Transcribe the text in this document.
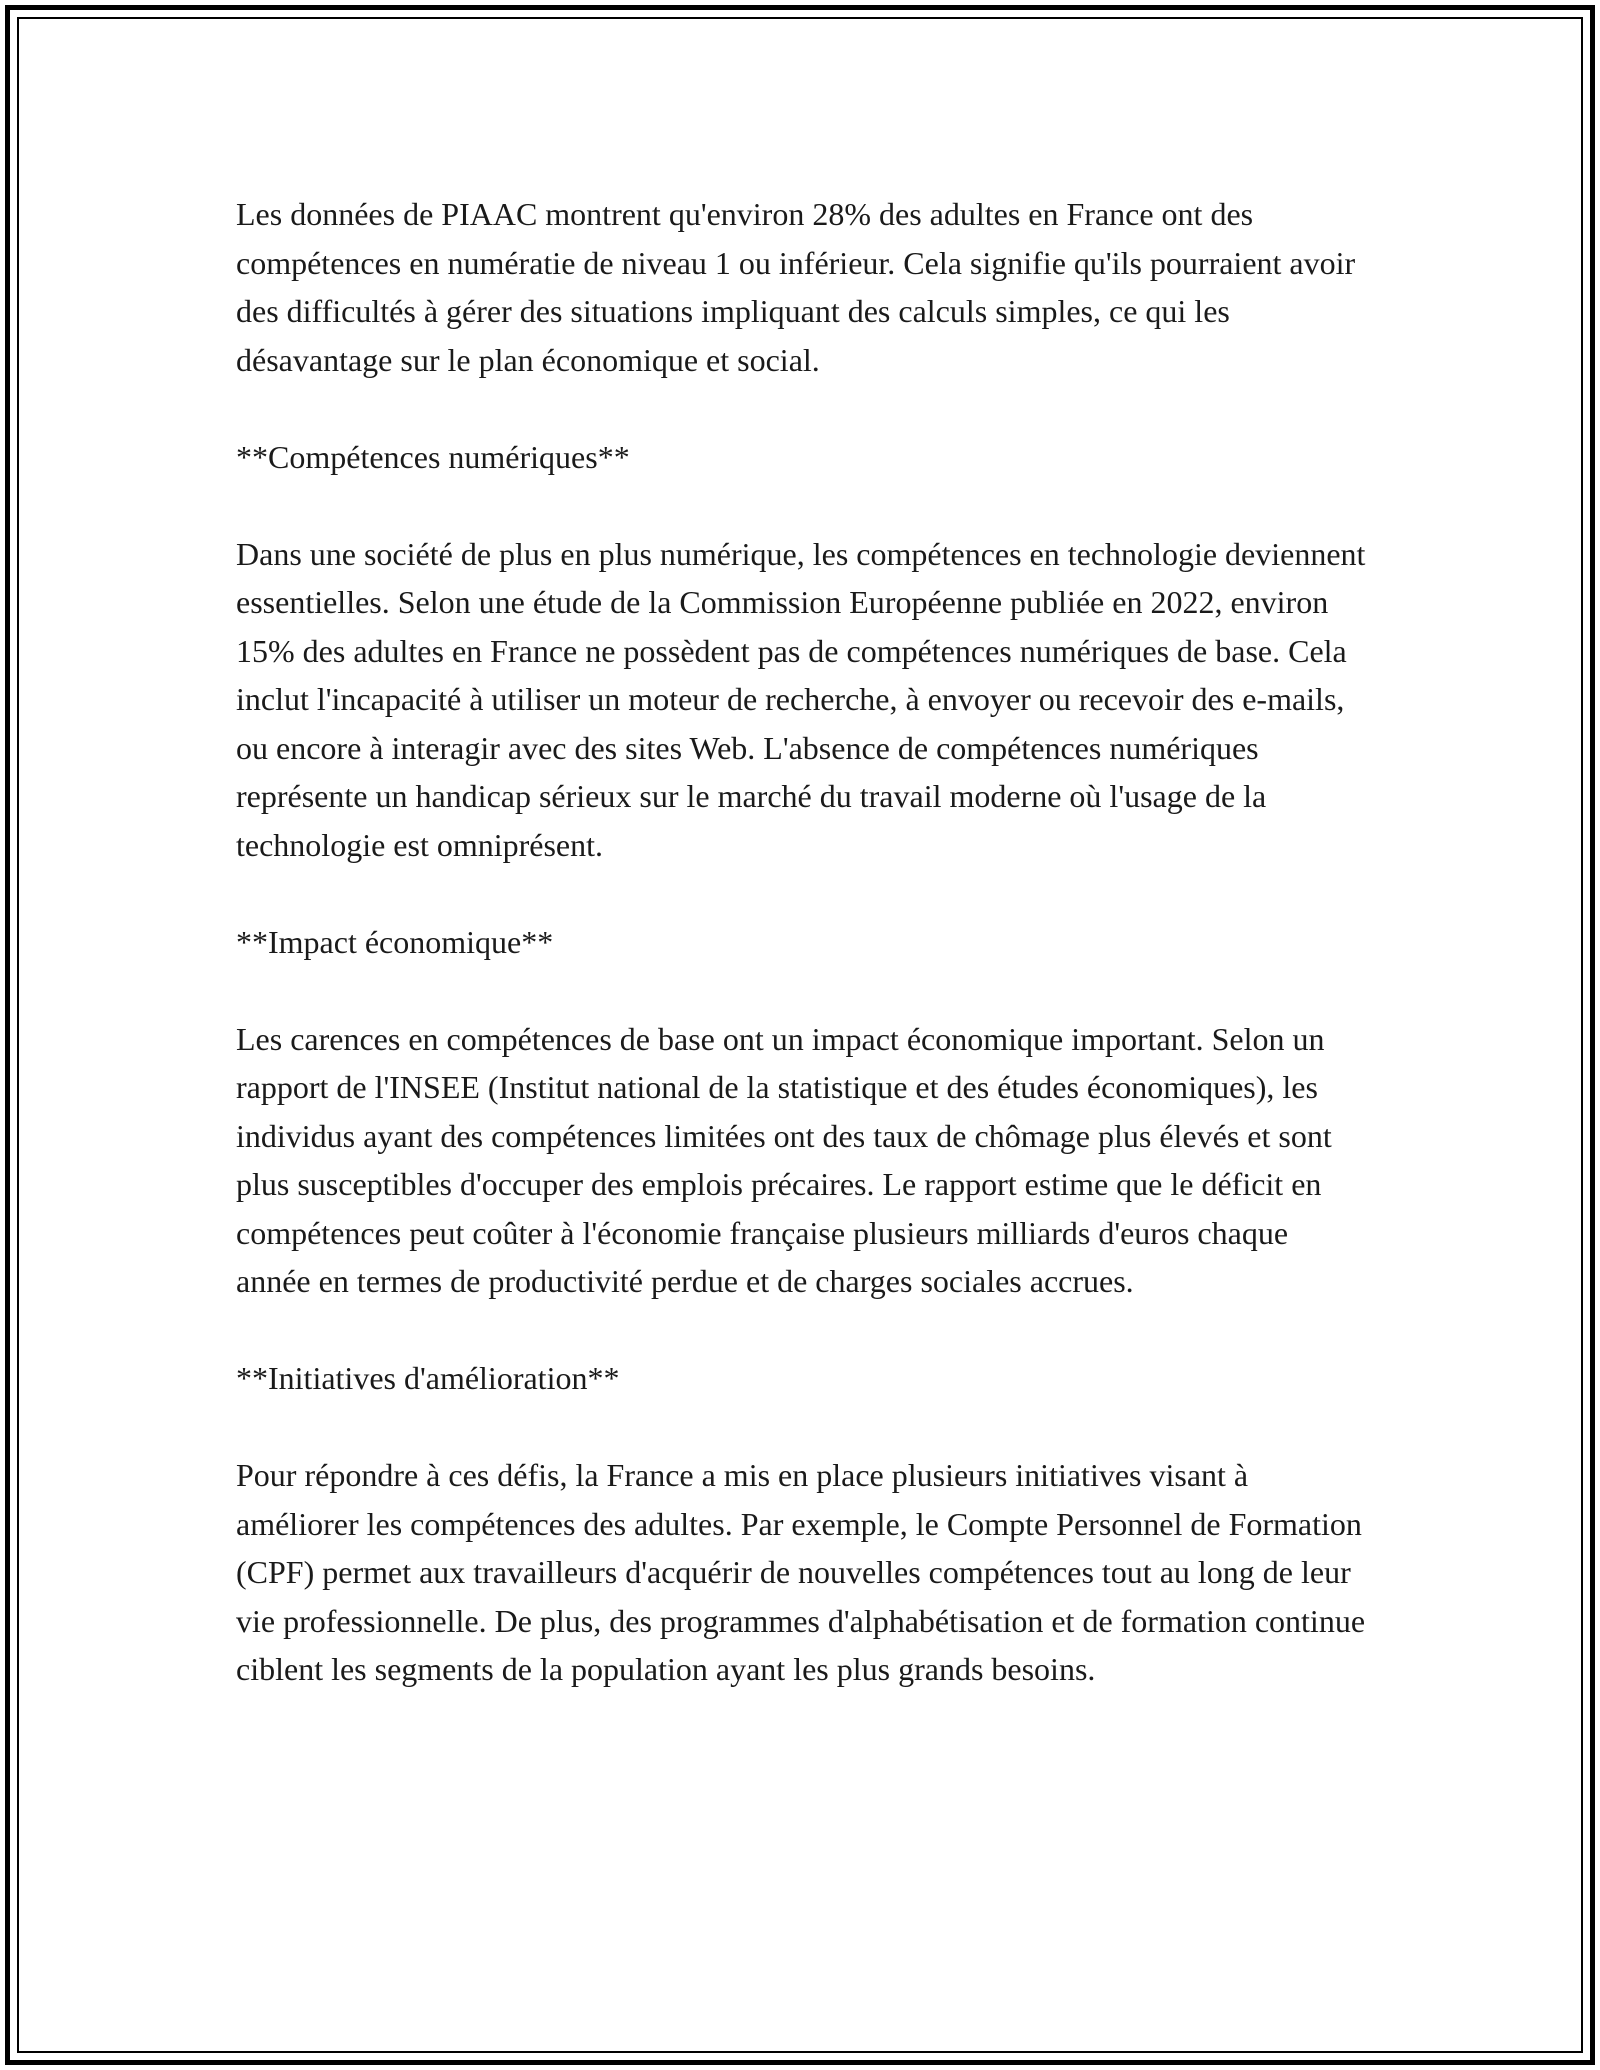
Les données de PIAAC montrent qu'environ 28% des adultes en France ont des compétences en numératie de niveau 1 ou inférieur. Cela signifie qu'ils pourraient avoir des difficultés à gérer des situations impliquant des calculs simples, ce qui les désavantage sur le plan économique et social.

**Compétences numériques**

Dans une société de plus en plus numérique, les compétences en technologie deviennent essentielles. Selon une étude de la Commission Européenne publiée en 2022, environ 15% des adultes en France ne possèdent pas de compétences numériques de base. Cela inclut l'incapacité à utiliser un moteur de recherche, à envoyer ou recevoir des e-mails, ou encore à interagir avec des sites Web. L'absence de compétences numériques représente un handicap sérieux sur le marché du travail moderne où l'usage de la technologie est omniprésent.

**Impact économique**

Les carences en compétences de base ont un impact économique important. Selon un rapport de l'INSEE (Institut national de la statistique et des études économiques), les individus ayant des compétences limitées ont des taux de chômage plus élevés et sont plus susceptibles d'occuper des emplois précaires. Le rapport estime que le déficit en compétences peut coûter à l'économie française plusieurs milliards d'euros chaque année en termes de productivité perdue et de charges sociales accrues.

**Initiatives d'amélioration**

Pour répondre à ces défis, la France a mis en place plusieurs initiatives visant à améliorer les compétences des adultes. Par exemple, le Compte Personnel de Formation (CPF) permet aux travailleurs d'acquérir de nouvelles compétences tout au long de leur vie professionnelle. De plus, des programmes d'alphabétisation et de formation continue ciblent les segments de la population ayant les plus grands besoins.
